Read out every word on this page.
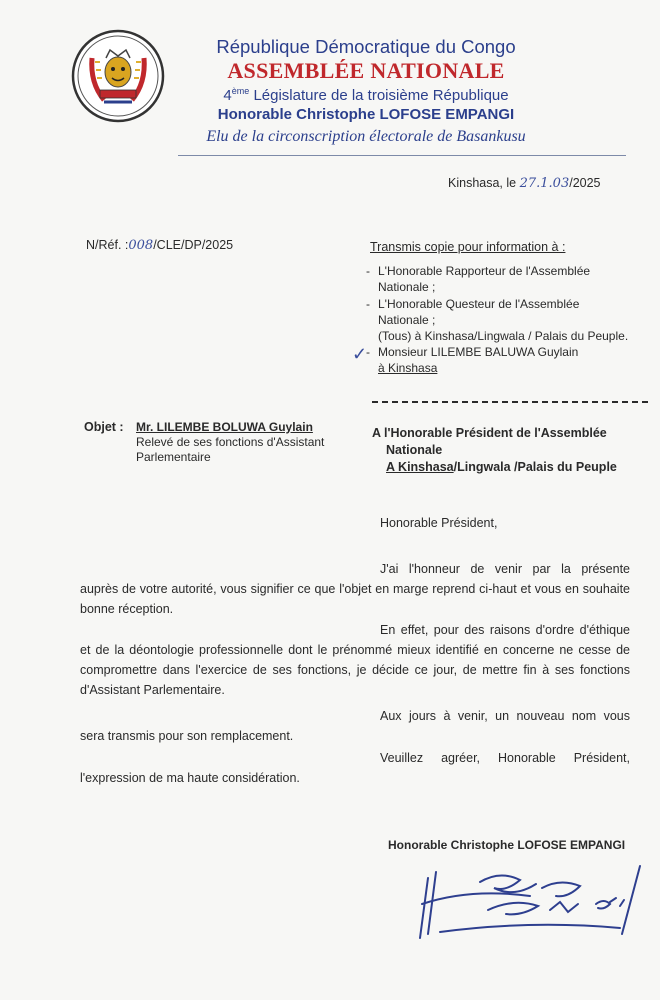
République Démocratique du Congo
ASSEMBLÉE NATIONALE
4ème Législature de la troisième République
Honorable Christophe LOFOSE EMPANGI
Elu de la circonscription électorale de Basankusu
Kinshasa, le 27.1.03/2025
N/Réf. :008/CLE/DP/2025	Transmis copie pour information à :
- L'Honorable Rapporteur de l'Assemblée
Nationale ;
- L'Honorable Questeur de l'Assemblée
Nationale ;
(Tous) à Kinshasa/Lingwala / Palais du Peuple.
- Monsieur LILEMBE BALUWA Guylain
à Kinshasa
✓
Objet : Mr. LILEMBE BOLUWA Guylain
Relevé de ses fonctions d'Assistant
Parlementaire
A l'Honorable Président de l'Assemblée
Nationale
A Kinshasa/Lingwala /Palais du Peuple
Honorable Président,
J'ai l'honneur de venir par la présente
auprès de votre autorité, vous signifier ce que l'objet en marge reprend ci-haut et vous en souhaite bonne réception.
En effet, pour des raisons d'ordre d'éthique
et de la déontologie professionnelle dont le prénommé mieux identifié en concerne ne cesse de compromettre dans l'exercice de ses fonctions, je décide ce jour, de mettre fin à ses fonctions d'Assistant Parlementaire.
Aux jours à venir, un nouveau nom vous
sera transmis pour son remplacement.
Veuillez agréer, Honorable Président,
l'expression de ma haute considération.
Honorable Christophe LOFOSE EMPANGI
